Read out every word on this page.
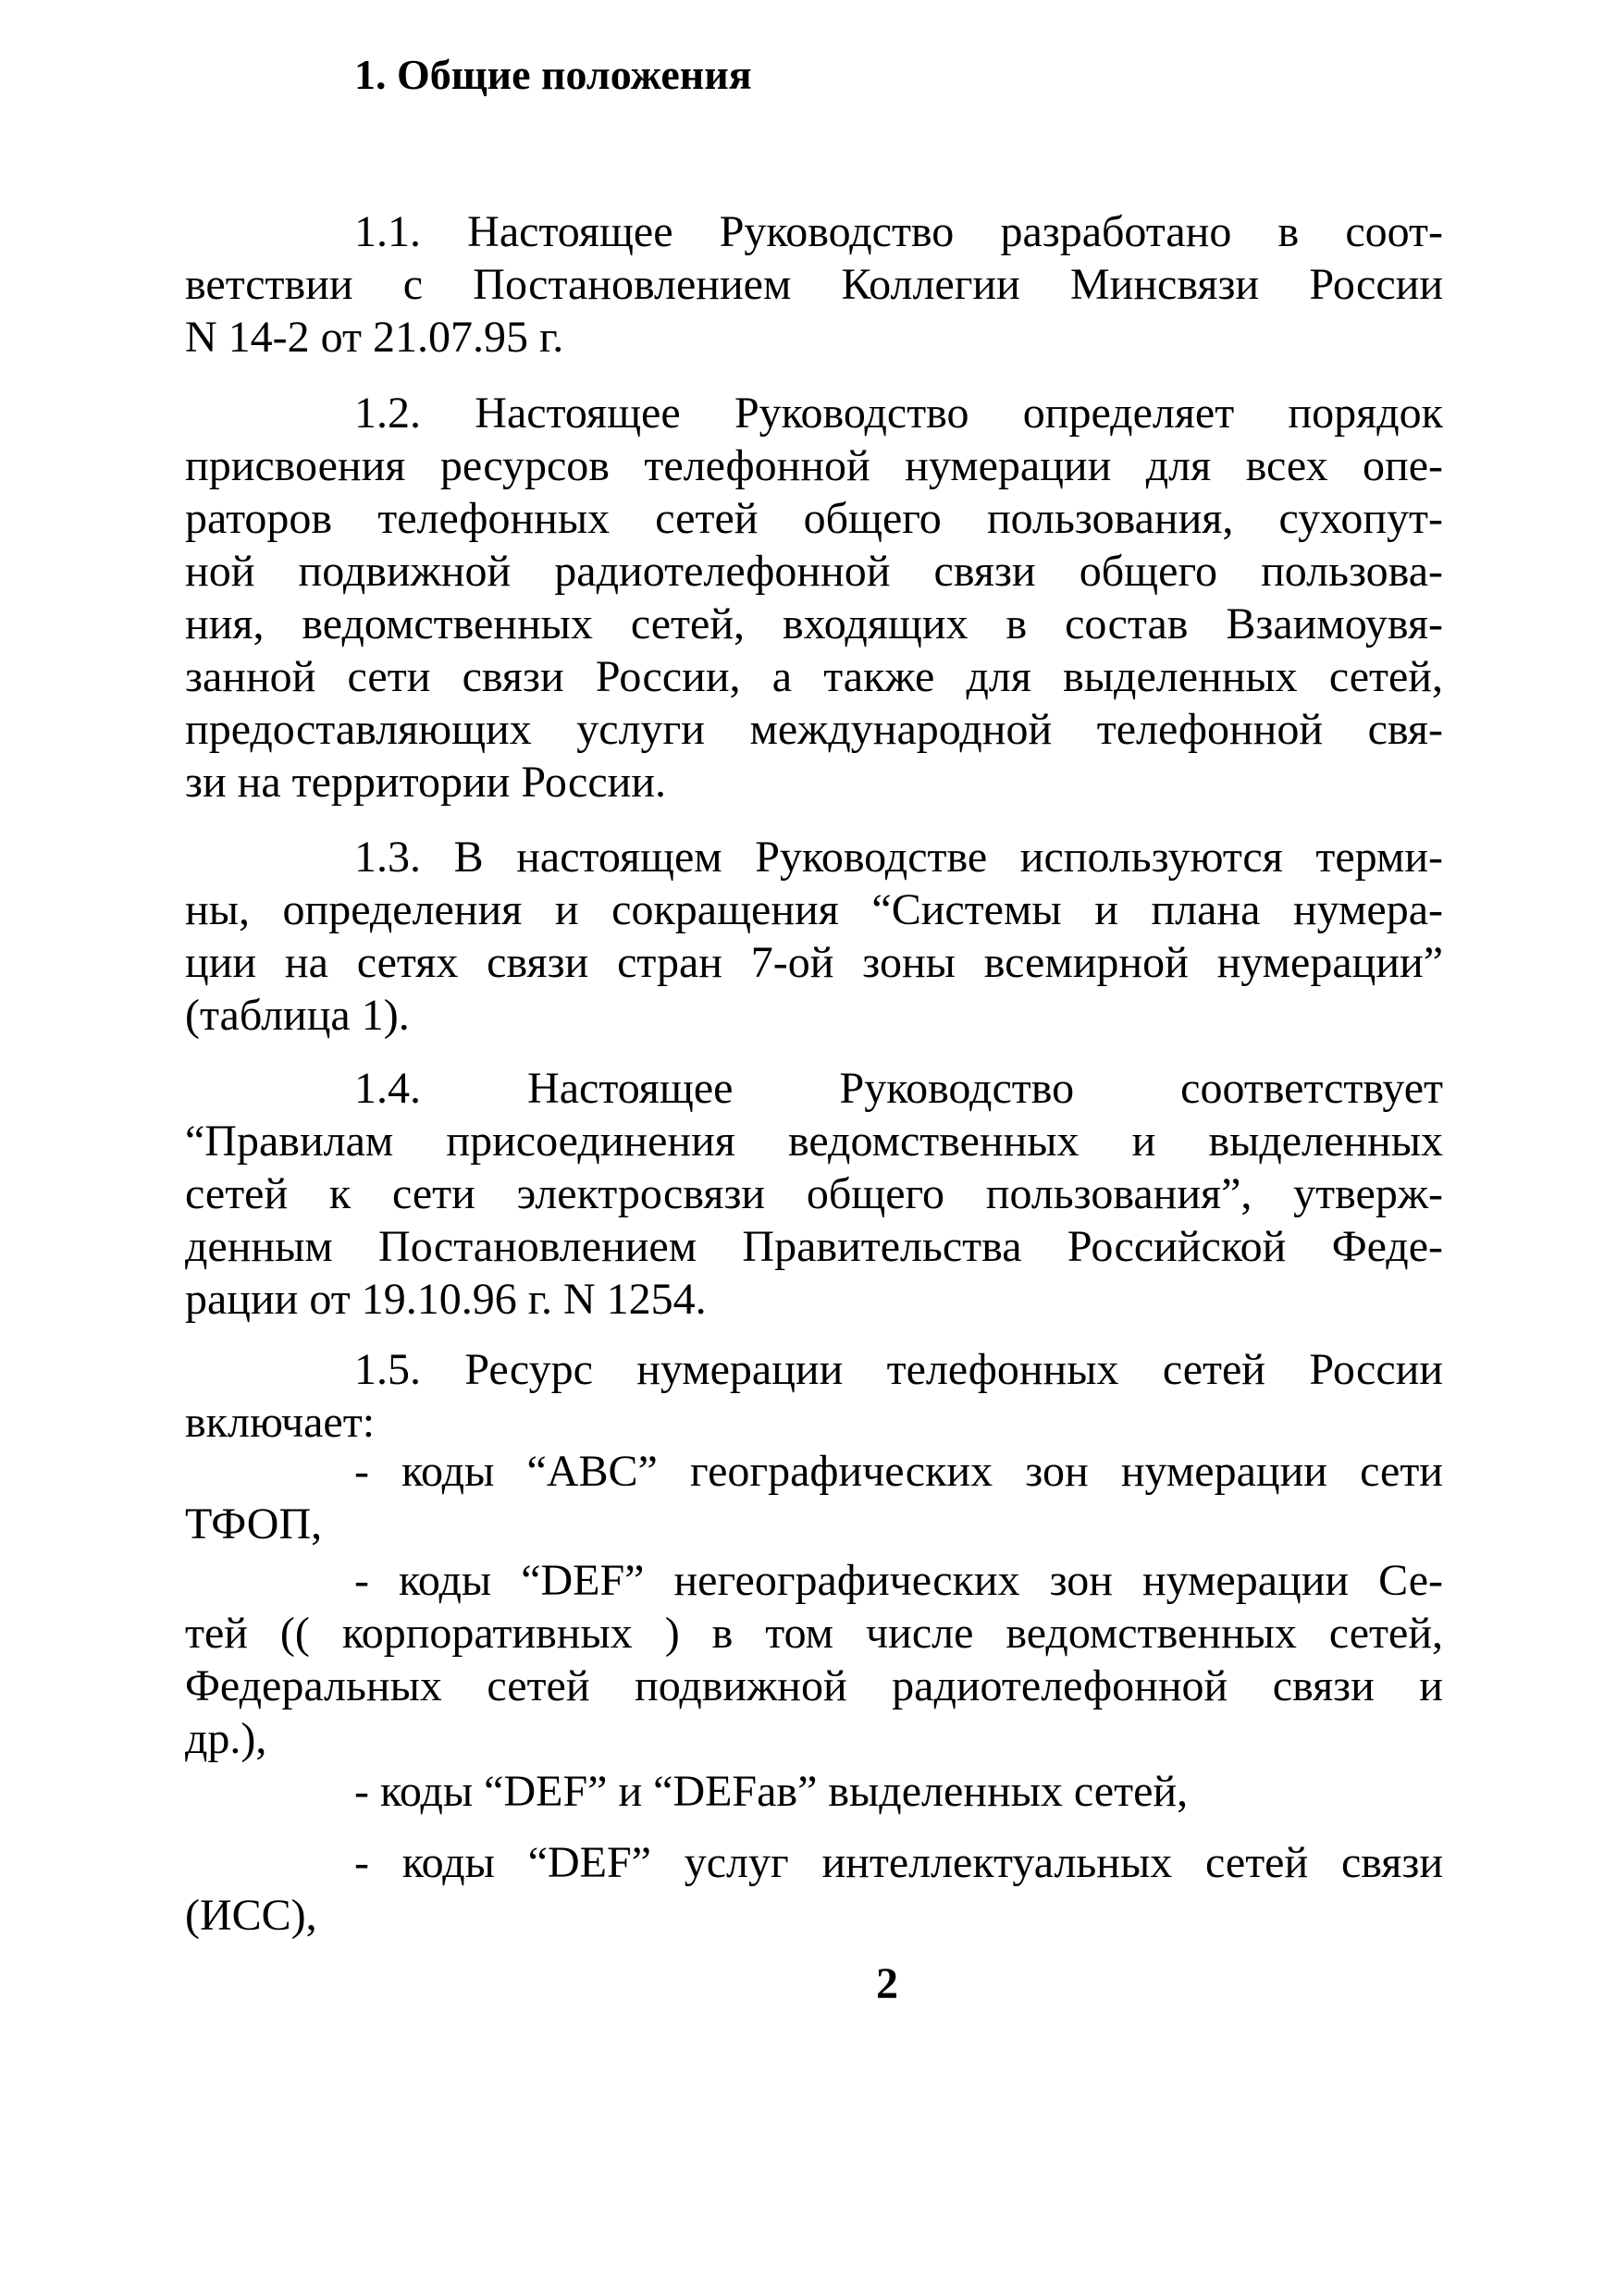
1. Общие положения
1.1. Настоящее Руководство разработано в соот-
ветствии с Постановлением Коллегии Минсвязи России
N 14-2 от 21.07.95 г.
1.2. Настоящее Руководство определяет порядок
присвоения ресурсов телефонной нумерации для всех опе-
раторов телефонных сетей общего пользования, сухопут-
ной подвижной радиотелефонной связи общего пользова-
ния, ведомственных сетей, входящих в состав Взаимоувя-
занной сети связи России, а также для выделенных сетей,
предоставляющих услуги международной телефонной свя-
зи на территории России.
1.3. В настоящем Руководстве используются терми-
ны, определения и сокращения “Системы и плана нумера-
ции на сетях связи стран 7-ой зоны всемирной нумерации”
(таблица 1).
1.4. Настоящее Руководство соответствует
“Правилам присоединения ведомственных и выделенных
сетей к сети электросвязи общего пользования”, утверж-
денным Постановлением Правительства Российской Феде-
рации от 19.10.96 г. N 1254.
1.5. Ресурс нумерации телефонных сетей России
включает:
- коды “ABC” географических зон нумерации сети
ТФОП,
- коды “DEF” негеографических зон нумерации Се-
тей (( корпоративных ) в том числе ведомственных сетей,
Федеральных сетей подвижной радиотелефонной связи и
др.),
- коды “DEF” и “DEFав” выделенных сетей,
- коды “DEF” услуг интеллектуальных сетей связи
(ИСС),
2
